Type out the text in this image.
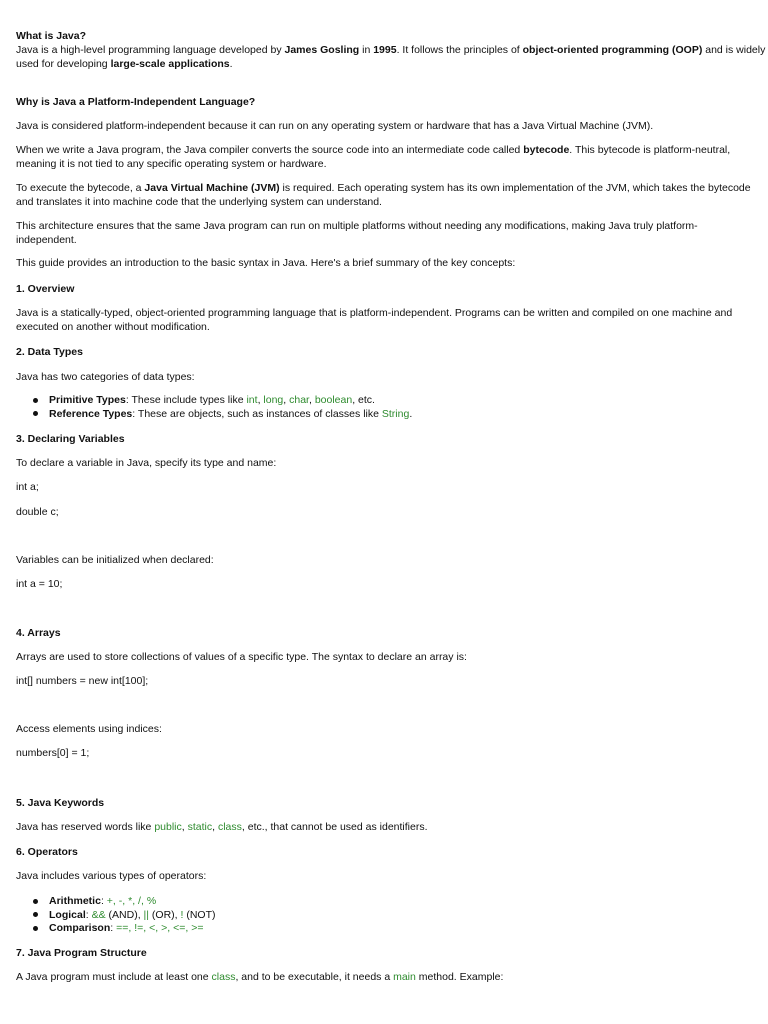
What is Java?

Java is a high-level programming language developed by James Gosling in 1995. It follows the principles of object-oriented programming (OOP) and is widely used for developing large-scale applications.

Why is Java a Platform-Independent Language?

Java is considered platform-independent because it can run on any operating system or hardware that has a Java Virtual Machine (JVM).

When we write a Java program, the Java compiler converts the source code into an intermediate code called bytecode. This bytecode is platform-neutral, meaning it is not tied to any specific operating system or hardware.

To execute the bytecode, a Java Virtual Machine (JVM) is required. Each operating system has its own implementation of the JVM, which takes the bytecode and translates it into machine code that the underlying system can understand.

This architecture ensures that the same Java program can run on multiple platforms without needing any modifications, making Java truly platform-independent.

This guide provides an introduction to the basic syntax in Java. Here's a brief summary of the key concepts:

1. Overview

Java is a statically-typed, object-oriented programming language that is platform-independent. Programs can be written and compiled on one machine and executed on another without modification.

2. Data Types

Java has two categories of data types:

Primitive Types: These include types like int, long, char, boolean, etc.
Reference Types: These are objects, such as instances of classes like String.

3. Declaring Variables

To declare a variable in Java, specify its type and name:

int a;

double c;

Variables can be initialized when declared:

int a = 10;

4. Arrays

Arrays are used to store collections of values of a specific type. The syntax to declare an array is:

int[] numbers = new int[100];

Access elements using indices:

numbers[0] = 1;

5. Java Keywords

Java has reserved words like public, static, class, etc., that cannot be used as identifiers.

6. Operators

Java includes various types of operators:

Arithmetic: +, -, *, /, %
Logical: && (AND), || (OR), ! (NOT)
Comparison: ==, !=, <, >, <=, >=

7. Java Program Structure

A Java program must include at least one class, and to be executable, it needs a main method. Example:
